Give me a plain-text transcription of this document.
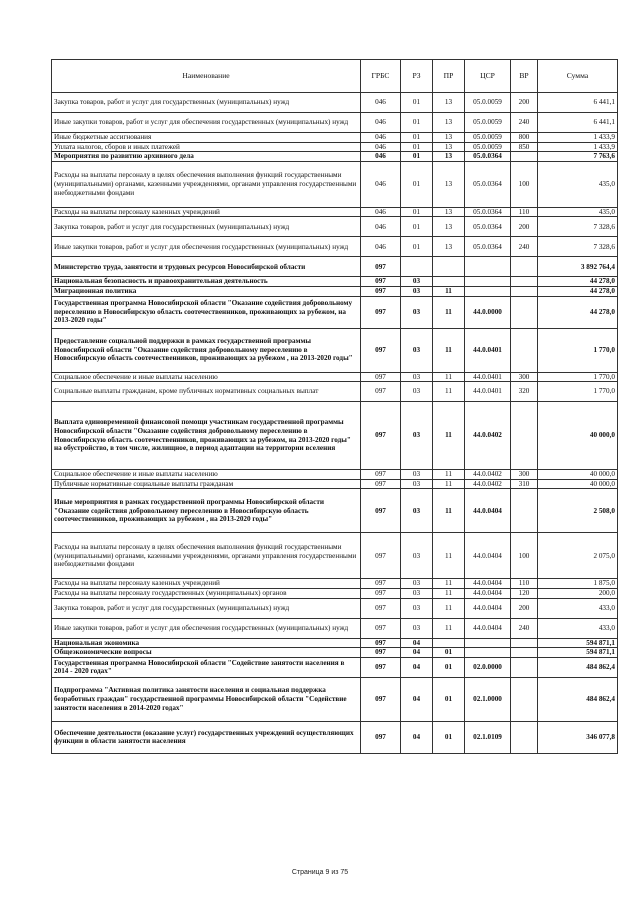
Наименование	ГРБС	РЗ	ПР	ЦСР	ВР	Сумма
Закупка товаров, работ и услуг для государственных (муниципальных) нужд	046	01	13	05.0.0059	200	6 441,1
Иные закупки товаров, работ и услуг для обеспечения государственных (муниципальных) нужд	046	01	13	05.0.0059	240	6 441,1
Иные бюджетные ассигнования	046	01	13	05.0.0059	800	1 433,9
Уплата налогов, сборов и иных платежей	046	01	13	05.0.0059	850	1 433,9
Мероприятия по развитию архивного дела	046	01	13	05.0.0364		7 763,6
Расходы на выплаты персоналу в целях обеспечения выполнения функций государственными (муниципальными) органами, казенными учреждениями, органами управления государственными внебюджетными фондами	046	01	13	05.0.0364	100	435,0
Расходы на выплаты персоналу казенных учреждений	046	01	13	05.0.0364	110	435,0
Закупка товаров, работ и услуг для государственных (муниципальных) нужд	046	01	13	05.0.0364	200	7 328,6
Иные закупки товаров, работ и услуг для обеспечения государственных (муниципальных) нужд	046	01	13	05.0.0364	240	7 328,6
Министерство труда, занятости и трудовых ресурсов Новосибирской области	097					3 892 764,4
Национальная безопасность и правоохранительная деятельность	097	03				44 278,0
Миграционная политика	097	03	11			44 278,0
Государственная программа Новосибирской области "Оказание содействия добровольному переселению в Новосибирскую область соотечественников, проживающих за рубежом, на 2013-2020 годы"	097	03	11	44.0.0000		44 278,0
Предоставление социальной поддержки в рамках государственной программы Новосибирской области "Оказание содействия добровольному переселению в Новосибирскую область соотечественников, проживающих за рубежом , на 2013-2020 годы"	097	03	11	44.0.0401		1 770,0
Социальное обеспечение и иные выплаты населению	097	03	11	44.0.0401	300	1 770,0
Социальные выплаты гражданам, кроме публичных нормативных социальных выплат	097	03	11	44.0.0401	320	1 770,0
Выплата единовременной финансовой помощи участникам государственной программы Новосибирской области "Оказание содействия добровольному переселению в Новосибирскую область соотечественников, проживающих за рубежом, на 2013-2020 годы" на обустройство, в том числе, жилищное, в период адаптации на территории вселения	097	03	11	44.0.0402		40 000,0
Социальное обеспечение и иные выплаты населению	097	03	11	44.0.0402	300	40 000,0
Публичные нормативные социальные выплаты гражданам	097	03	11	44.0.0402	310	40 000,0
Иные мероприятия в рамках государственной программы Новосибирской области "Оказание содействия добровольному переселению в Новосибирскую область соотечественников, проживающих за рубежом , на 2013-2020 годы"	097	03	11	44.0.0404		2 508,0
Расходы на выплаты персоналу в целях обеспечения выполнения функций государственными (муниципальными) органами, казенными учреждениями, органами управления государственными внебюджетными фондами	097	03	11	44.0.0404	100	2 075,0
Расходы на выплаты персоналу казенных учреждений	097	03	11	44.0.0404	110	1 875,0
Расходы на выплаты персоналу государственных (муниципальных) органов	097	03	11	44.0.0404	120	200,0
Закупка товаров, работ и услуг для государственных (муниципальных) нужд	097	03	11	44.0.0404	200	433,0
Иные закупки товаров, работ и услуг для обеспечения государственных (муниципальных) нужд	097	03	11	44.0.0404	240	433,0
Национальная экономика	097	04				594 871,1
Общеэкономические вопросы	097	04	01			594 871,1
Государственная программа Новосибирской области "Содействие занятости населения в 2014 - 2020 годах"	097	04	01	02.0.0000		484 862,4
Подпрограмма "Активная политика занятости населения и социальная поддержка безработных граждан" государственной программы Новосибирской области "Содействие занятости населения в 2014-2020 годах"	097	04	01	02.1.0000		484 862,4
Обеспечение деятельности (оказание услуг) государственных учреждений осуществляющих функции в области занятости населения	097	04	01	02.1.0109		346 077,8
Страница 9 из 75
